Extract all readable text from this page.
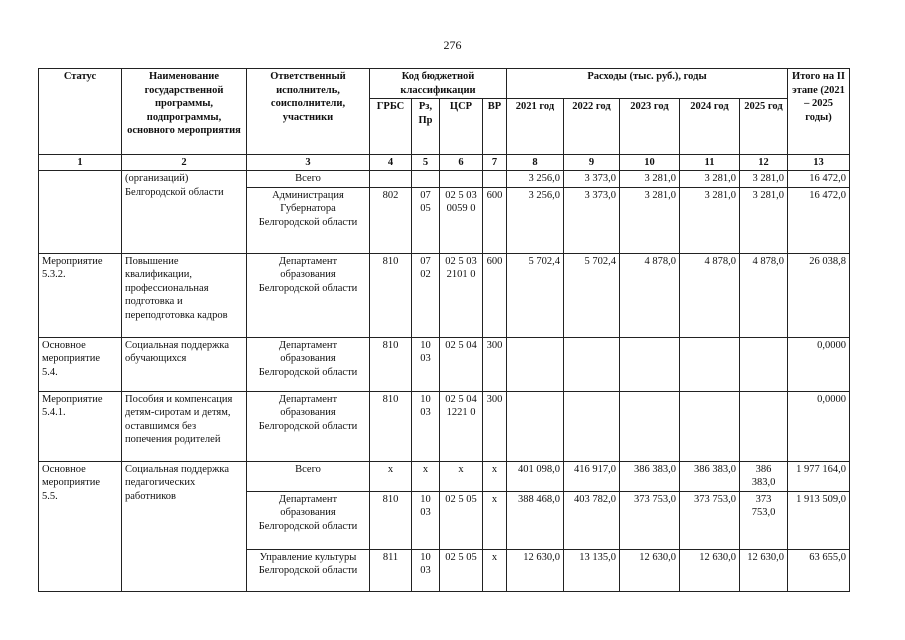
276
Статус	Наименование государственной программы, подпрограммы, основного мероприятия	Ответственный исполнитель, соисполнители, участники	Код бюджетной классификации				Расходы (тыс. руб.), годы					Итого на II этапе (2021 – 2025 годы)
			ГРБС	Рз, Пр	ЦСР	ВР	2021 год	2022 год	2023 год	2024 год	2025 год	
1	2	3	4	5	6	7	8	9	10	11	12	13
	(организаций) Белгородской области	Всего					3 256,0	3 373,0	3 281,0	3 281,0	3 281,0	16 472,0
		Администрация Губернатора Белгородской области	802	07 05	02 5 03 0059 0	600	3 256,0	3 373,0	3 281,0	3 281,0	3 281,0	16 472,0
Мероприятие 5.3.2.	Повышение квалификации, профессиональная подготовка и переподготовка кадров	Департамент образования Белгородской области	810	07 02	02 5 03 2101 0	600	5 702,4	5 702,4	4 878,0	4 878,0	4 878,0	26 038,8
Основное мероприятие 5.4.	Социальная поддержка обучающихся	Департамент образования Белгородской области	810	10 03	02 5 04	300						0,0000
Мероприятие 5.4.1.	Пособия и компенсация детям-сиротам и детям, оставшимся без попечения родителей	Департамент образования Белгородской области	810	10 03	02 5 04 1221 0	300						0,0000
Основное мероприятие 5.5.	Социальная поддержка педагогических работников	Всего	х	х	х	х	401 098,0	416 917,0	386 383,0	386 383,0	386 383,0	1 977 164,0
		Департамент образования Белгородской области	810	10 03	02 5 05	х	388 468,0	403 782,0	373 753,0	373 753,0	373 753,0	1 913 509,0
		Управление культуры Белгородской области	811	10 03	02 5 05	х	12 630,0	13 135,0	12 630,0	12 630,0	12 630,0	63 655,0
